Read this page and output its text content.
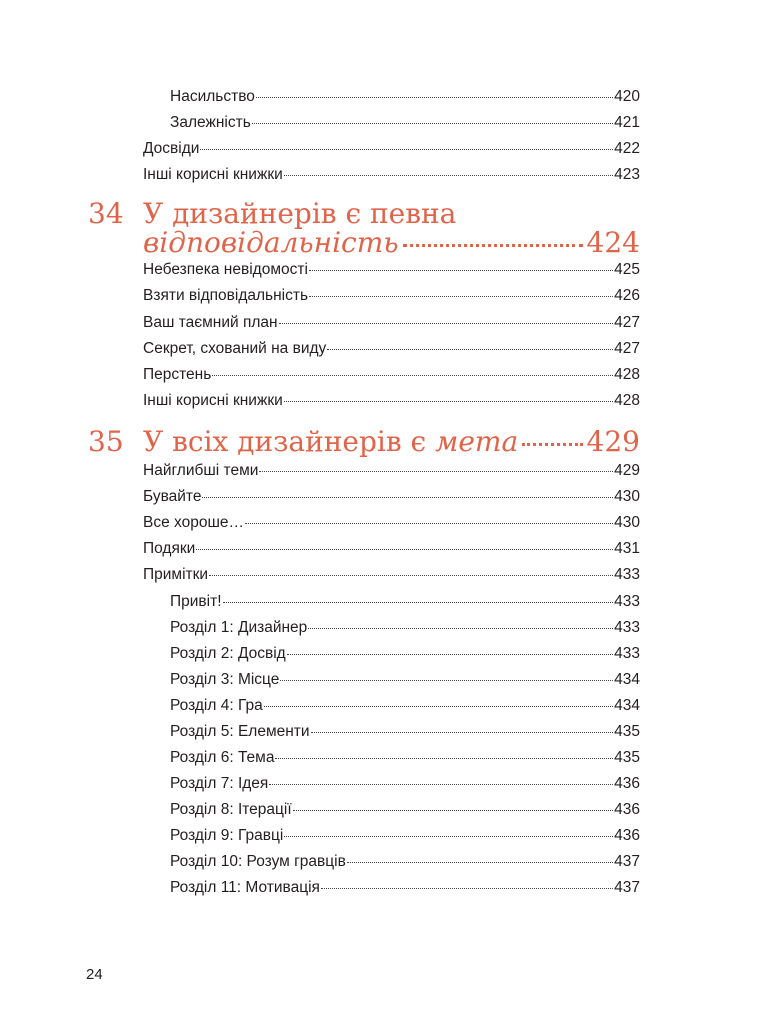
Насильство	420
Залежність	421
Досвіди	422
Інші корисні книжки	423
34 У дизайнерів є певна
відповідальність	424
Небезпека невідомості	425
Взяти відповідальність	426
Ваш таємний план	427
Секрет, схований на виду	427
Перстень	428
Інші корисні книжки	428
35 У всіх дизайнерів є мета 429
Найглибші теми	429
Бувайте	430
Все хороше…	430
Подяки	431
Примітки	433
Привіт!	433
Розділ 1: Дизайнер	433
Розділ 2: Досвід	433
Розділ 3: Місце	434
Розділ 4: Гра	434
Розділ 5: Елементи	435
Розділ 6: Тема	435
Розділ 7: Ідея	436
Розділ 8: Ітерації	436
Розділ 9: Гравці	436
Розділ 10: Розум гравців	437
Розділ 11: Мотивація	437
24
